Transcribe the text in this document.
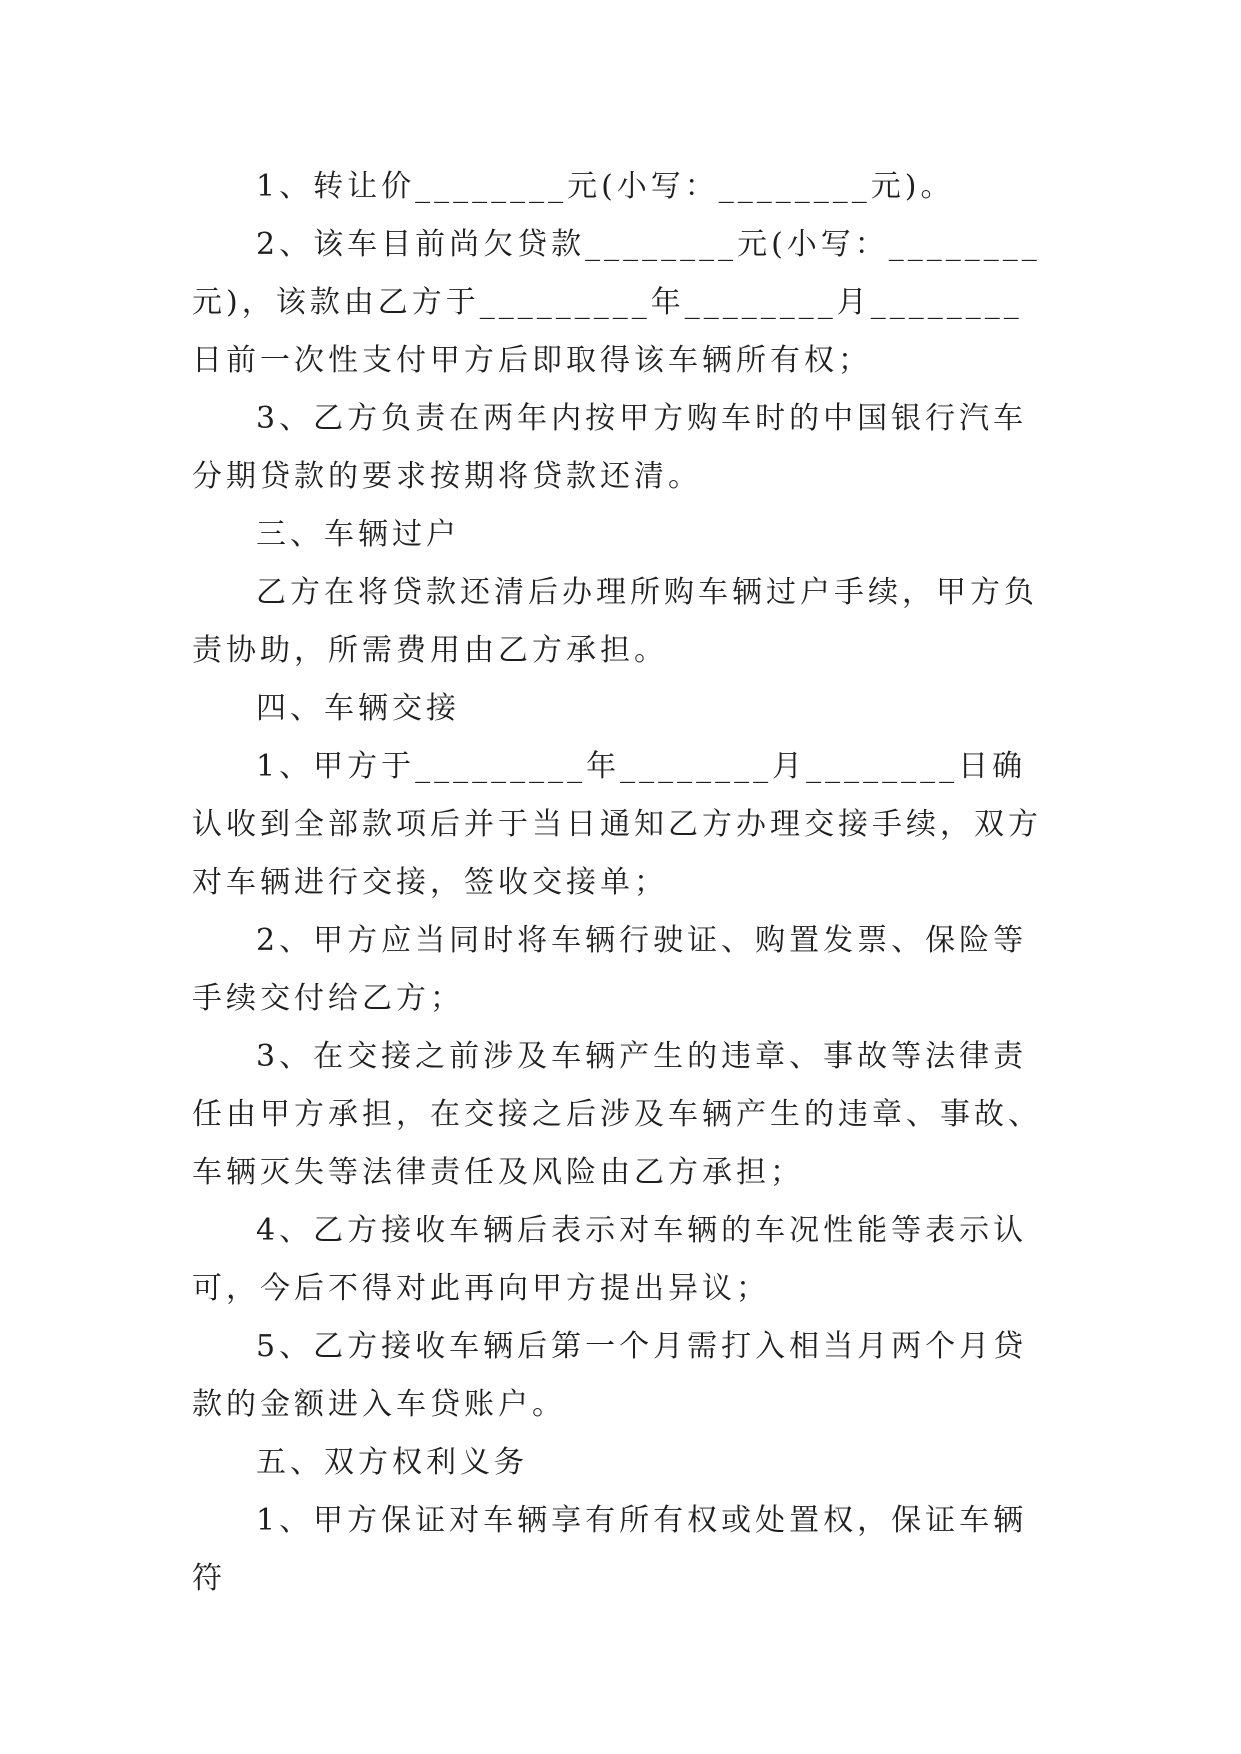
1、转让价________元(小写：________元)。

2、该车目前尚欠贷款________元(小写：________元)，该款由乙方于_________年________月________日前一次性支付甲方后即取得该车辆所有权；

3、乙方负责在两年内按甲方购车时的中国银行汽车分期贷款的要求按期将贷款还清。

三、车辆过户

乙方在将贷款还清后办理所购车辆过户手续，甲方负责协助，所需费用由乙方承担。

四、车辆交接

1、甲方于_________年________月________日确认收到全部款项后并于当日通知乙方办理交接手续，双方对车辆进行交接，签收交接单；

2、甲方应当同时将车辆行驶证、购置发票、保险等手续交付给乙方；

3、在交接之前涉及车辆产生的违章、事故等法律责任由甲方承担，在交接之后涉及车辆产生的违章、事故、车辆灭失等法律责任及风险由乙方承担；

4、乙方接收车辆后表示对车辆的车况性能等表示认可，今后不得对此再向甲方提出异议；

5、乙方接收车辆后第一个月需打入相当月两个月贷款的金额进入车贷账户。

五、双方权利义务

1、甲方保证对车辆享有所有权或处置权，保证车辆符
